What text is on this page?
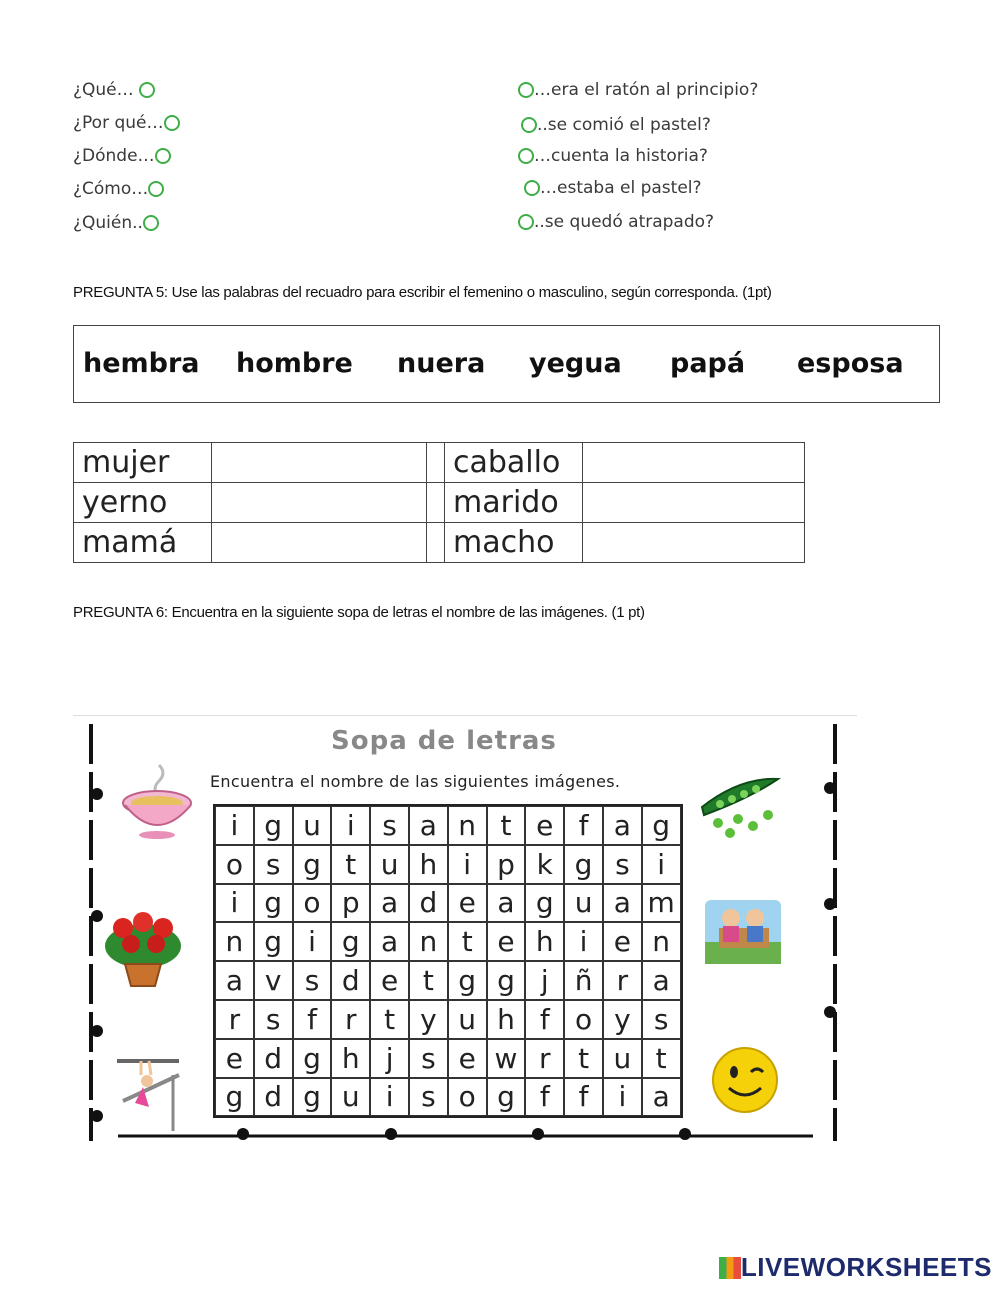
¿Qué…
¿Por qué…
¿Dónde…
¿Cómo…
¿Quién..
…era el ratón al principio?
..se comió el pastel?
…cuenta la historia?
…estaba el pastel?
..se quedó atrapado?
PREGUNTA 5: Use las palabras del recuadro para escribir el femenino o masculino, según corresponda. (1pt)
hembra hombre nuera yegua papá esposa
mujer			caballo	
yerno			marido	
mamá			macho	
PREGUNTA 6: Encuentra en la siguiente sopa de letras el nombre de las imágenes. (1 pt)
Sopa de letras
Encuentra el nombre de las siguientes imágenes.
i g u i s a n t e f a g
o s g t u h i p k g s i
i g o p a d e a g u a m
n g i g a n t e h i e n
a v s d e t g g j ñ r a
r s f	r t y u h f o y s
e d g h j s e w r t u t
g d g u i s o g f	f	i a
LIVEWORKSHEETS
